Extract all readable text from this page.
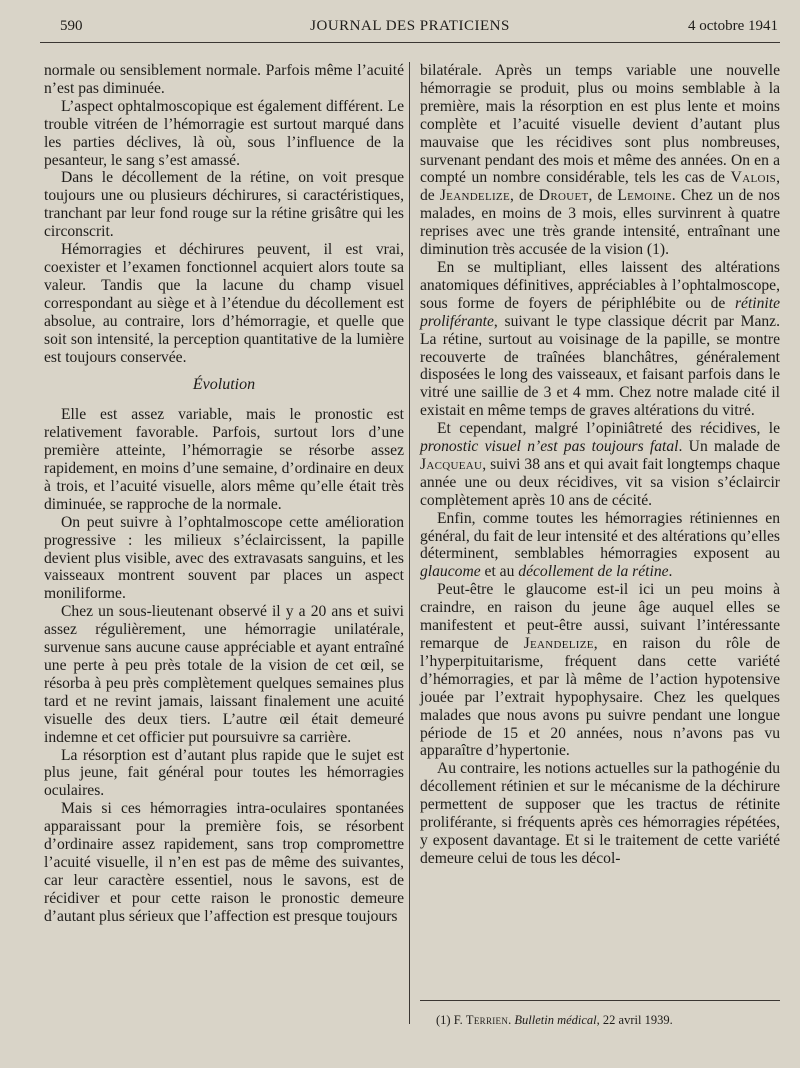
590	JOURNAL DES PRATICIENS	4 octobre 1941

normale ou sensiblement normale. Parfois même l’acuité n’est pas diminuée.

L’aspect ophtalmoscopique est également différent. Le trouble vitréen de l’hémorragie est surtout marqué dans les parties déclives, là où, sous l’influence de la pesanteur, le sang s’est amassé.

Dans le décollement de la rétine, on voit presque toujours une ou plusieurs déchirures, si caractéristiques, tranchant par leur fond rouge sur la rétine grisâtre qui les circonscrit.

Hémorragies et déchirures peuvent, il est vrai, coexister et l’examen fonctionnel acquiert alors toute sa valeur. Tandis que la lacune du champ visuel correspondant au siège et à l’étendue du décollement est absolue, au contraire, lors d’hémorragie, et quelle que soit son intensité, la perception quantitative de la lumière est toujours conservée.

Évolution

Elle est assez variable, mais le pronostic est relativement favorable. Parfois, surtout lors d’une première atteinte, l’hémorragie se résorbe assez rapidement, en moins d’une semaine, d’ordinaire en deux à trois, et l’acuité visuelle, alors même qu’elle était très diminuée, se rapproche de la normale.

On peut suivre à l’ophtalmoscope cette amélioration progressive : les milieux s’éclaircissent, la papille devient plus visible, avec des extravasats sanguins, et les vaisseaux montrent souvent par places un aspect moniliforme.

Chez un sous-lieutenant observé il y a 20 ans et suivi assez régulièrement, une hémorragie unilatérale, survenue sans aucune cause appréciable et ayant entraîné une perte à peu près totale de la vision de cet œil, se résorba à peu près complètement quelques semaines plus tard et ne revint jamais, laissant finalement une acuité visuelle des deux tiers. L’autre œil était demeuré indemne et cet officier put poursuivre sa carrière.

La résorption est d’autant plus rapide que le sujet est plus jeune, fait général pour toutes les hémorragies oculaires.

Mais si ces hémorragies intra-oculaires spontanées apparaissant pour la première fois, se résorbent d’ordinaire assez rapidement, sans trop compromettre l’acuité visuelle, il n’en est pas de même des suivantes, car leur caractère essentiel, nous le savons, est de récidiver et pour cette raison le pronostic demeure d’autant plus sérieux que l’affection est presque toujours

bilatérale. Après un temps variable une nouvelle hémorragie se produit, plus ou moins semblable à la première, mais la résorption en est plus lente et moins complète et l’acuité visuelle devient d’autant plus mauvaise que les récidives sont plus nombreuses, survenant pendant des mois et même des années. On en a compté un nombre considérable, tels les cas de Valois, de Jeandelize, de Drouet, de Lemoine. Chez un de nos malades, en moins de 3 mois, elles survinrent à quatre reprises avec une très grande intensité, entraînant une diminution très accusée de la vision (1).

En se multipliant, elles laissent des altérations anatomiques définitives, appréciables à l’ophtalmoscope, sous forme de foyers de périphlébite ou de rétinite proliférante, suivant le type classique décrit par Manz. La rétine, surtout au voisinage de la papille, se montre recouverte de traînées blanchâtres, généralement disposées le long des vaisseaux, et faisant parfois dans le vitré une saillie de 3 et 4 mm. Chez notre malade cité il existait en même temps de graves altérations du vitré.

Et cependant, malgré l’opiniâtreté des récidives, le pronostic visuel n’est pas toujours fatal. Un malade de Jacqueau, suivi 38 ans et qui avait fait longtemps chaque année une ou deux récidives, vit sa vision s’éclaircir complètement après 10 ans de cécité.

Enfin, comme toutes les hémorragies rétiniennes en général, du fait de leur intensité et des altérations qu’elles déterminent, semblables hémorragies exposent au glaucome et au décollement de la rétine.

Peut-être le glaucome est-il ici un peu moins à craindre, en raison du jeune âge auquel elles se manifestent et peut-être aussi, suivant l’intéressante remarque de Jeandelize, en raison du rôle de l’hyperpituitarisme, fréquent dans cette variété d’hémorragies, et par là même de l’action hypotensive jouée par l’extrait hypophysaire. Chez les quelques malades que nous avons pu suivre pendant une longue période de 15 et 20 années, nous n’avons pas vu apparaître d’hypertonie.

Au contraire, les notions actuelles sur la pathogénie du décollement rétinien et sur le mécanisme de la déchirure permettent de supposer que les tractus de rétinite proliférante, si fréquents après ces hémorragies répétées, y exposent davantage. Et si le traitement de cette variété demeure celui de tous les décol-

(1) F. Terrien. Bulletin médical, 22 avril 1939.
